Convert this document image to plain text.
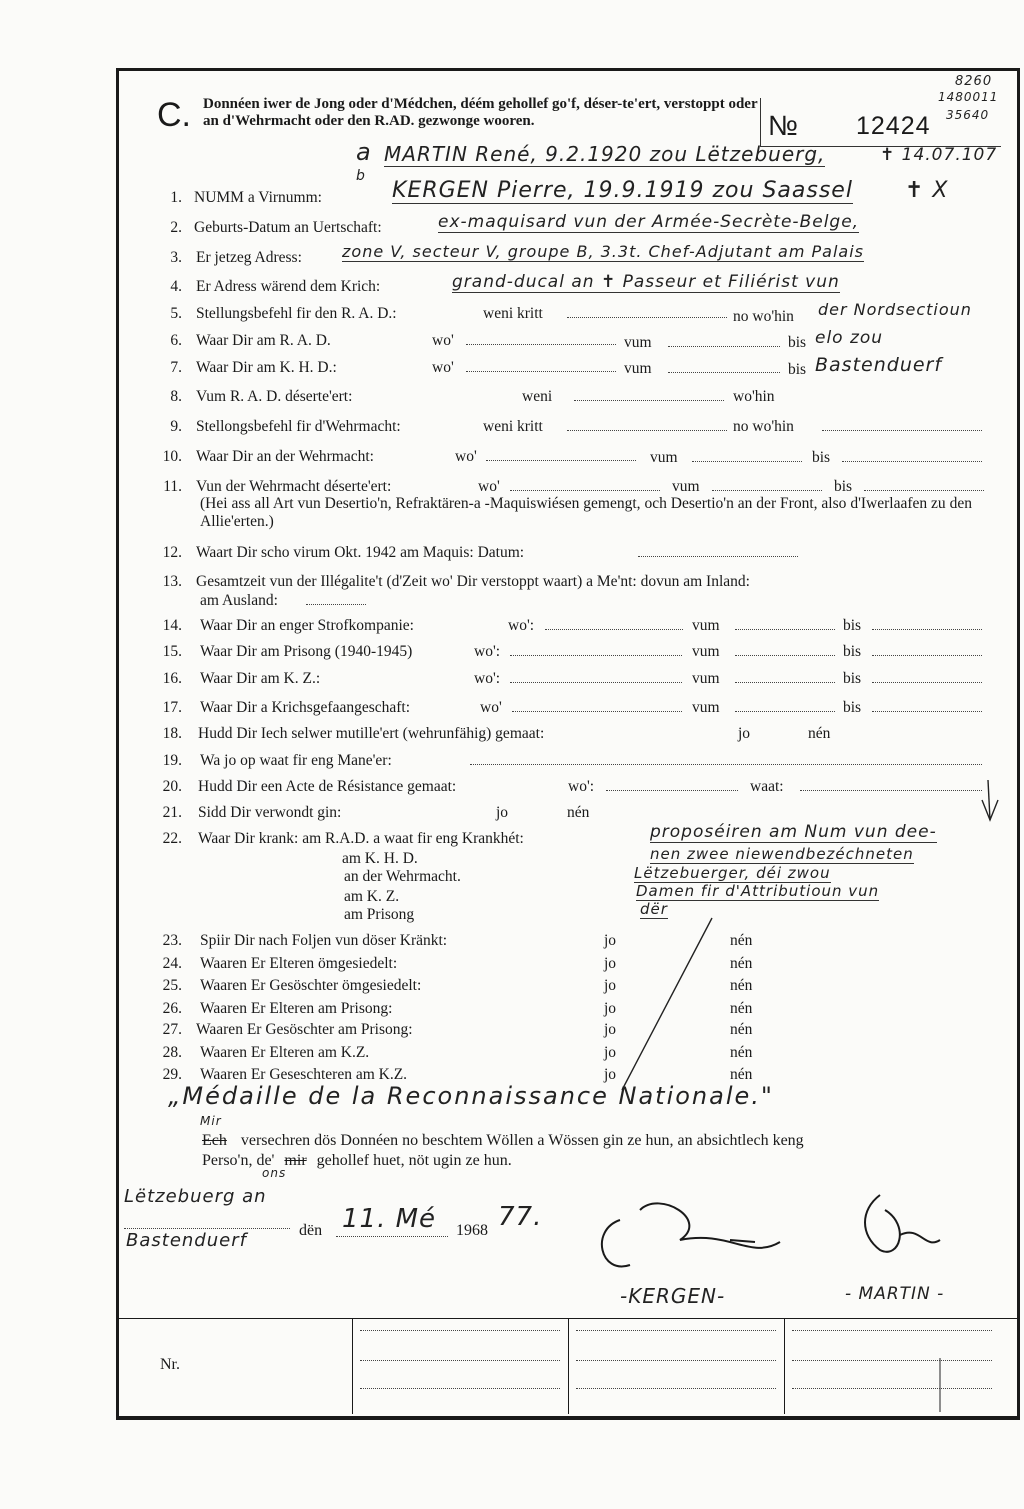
C. Donnéen iwer de Jong oder d'Médchen, déém gehollef go'f, déser-te'ert, verstoppt oder an d'Wehrmacht oder den R.AD. gezwonge wooren.	№ 12424
8260
1480011
35640
a MARTIN René, 9.2.1920 zou Lëtzebuerg,	✝ 14.07.107
b
KERGEN Pierre, 19.9.1919 zou Saassel ✝ X
1. NUMM a Virnumm:
2. Geburts-Datum an Uertschaft:	ex-maquisard vun der Armée-Secrète-Belge,
3. Er jetzeg Adress:	zone V, secteur V, groupe B, 3.3t. Chef-Adjutant am Palais
4. Er Adress wärend dem Krich:	grand-ducal an ✝ Passeur et Filiérist vun
5. Stellungsbefehl fir den R. A. D.:	weni kritt	no wo'hin der Nordsectioun
6. Waar Dir am R. A. D.	wo'	vum	bis elo zou
7. Waar Dir am K. H. D.:	wo'	vum	bis Bastenduerf
8. Vum R. A. D. déserte'ert:	weni	wo'hin
9. Stellongsbefehl fir d'Wehrmacht:	weni kritt	no wo'hin
10. Waar Dir an der Wehrmacht:	wo'	vum	bis
11. Vun der Wehrmacht déserte'ert:	wo'	vum	bis
(Hei ass all Art vun Desertio'n, Refraktären-a -Maquiswiésen gemengt, och Desertio'n an der Front, also d'Iwerlaafen zu den Allie'erten.)
12. Waart Dir scho virum Okt. 1942 am Maquis: Datum:
13. Gesamtzeit vun der Illégalite't (d'Zeit wo' Dir verstoppt waart) a Me'nt: dovun am Inland:
am Ausland:
14. Waar Dir an enger Strofkompanie:	wo':	vum	bis
15. Waar Dir am Prisong (1940-1945)	wo':	vum	bis
16. Waar Dir am K. Z.:	wo':	vum	bis
17. Waar Dir a Krichsgefaangeschaft:	wo'	vum	bis
18. Hudd Dir Iech selwer mutille'ert (wehrunfähig) gemaat:	jo	nén
19. Wa jo op waat fir eng Mane'er:
20. Hudd Dir een Acte de Résistance gemaat:	wo':	waat:
21. Sidd Dir verwondt gin:	jo	nén
22. Waar Dir krank: am R.A.D. a waat fir eng Krankhét:
am K. H. D.
an der Wehrmacht.
am K. Z.
am Prisong
proposéiren am Num vun dee-
nen zwee niewendbezéchneten
Lëtzebuerger, déi zwou
Damen fir d'Attributioun vun
dër
23. Spiir Dir nach Foljen vun döser Kränkt:	jo	nén
24. Waaren Er Elteren ömgesiedelt:	jo	nén
25. Waaren Er Gesöschter ömgesiedelt:	jo	nén
26. Waaren Er Elteren am Prisong:	jo	nén
27. Waaren Er Gesöschter am Prisong:	jo	nén
28. Waaren Er Elteren am K.Z.	jo	nén
29. Waaren Er Geseschteren am K.Z.	jo	nén
„Médaille de la Reconnaissance Nationale."
Mir
Ech versechren dös Donnéen no beschtem Wöllen a Wössen gin ze hun, an absichtlech keng
Perso'n, de' mir gehollef huet, nöt ugin ze hun.
ons
Lëtzebuerg an
Bastenduerf	dën 11. Mé 1968 77.
-KERGEN-	- MARTIN -
Nr.
